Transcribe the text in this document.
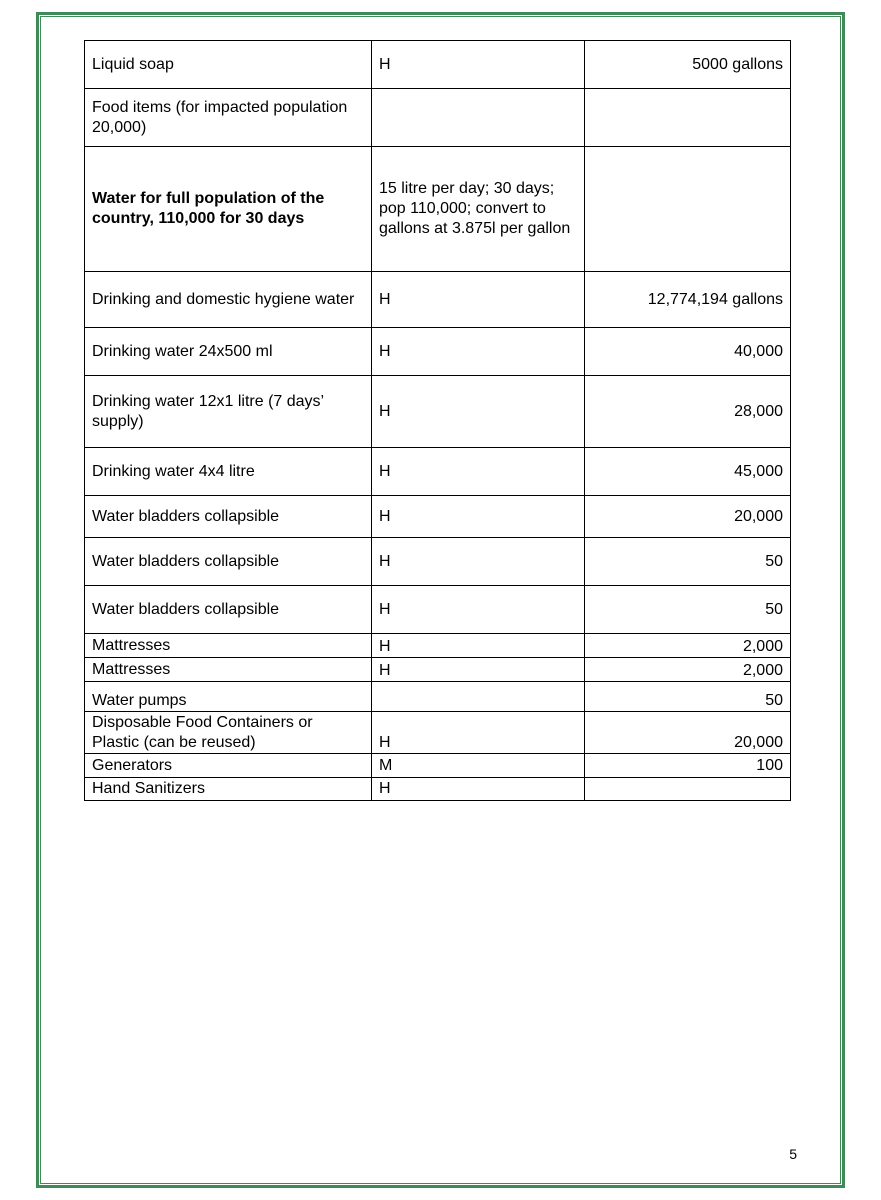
Liquid soap	H	5000 gallons
Food items (for impacted population 20,000)		
Water for full population of the country, 110,000 for 30 days	15 litre per day; 30 days; pop 110,000; convert to gallons at 3.875l per gallon	
Drinking and domestic hygiene water	H	12,774,194 gallons
Drinking water 24x500 ml	H	40,000
Drinking water 12x1 litre (7 days’ supply)	H	28,000
Drinking water 4x4 litre	H	45,000
Water bladders collapsible	H	20,000
Water bladders collapsible	H	50
Water bladders collapsible	H	50
Mattresses	H	2,000
Mattresses	H	2,000
Water pumps		50
Disposable Food Containers or Plastic (can be reused)	H	20,000
Generators	M	100
Hand Sanitizers	H	
5
